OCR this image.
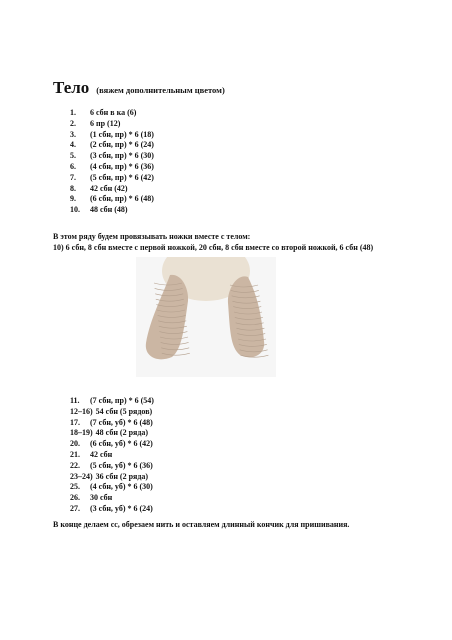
Тело (вяжем дополнительным цветом)
1.	6 сбн в ка (6)
2.	6 пр (12)
3.	(1 сбн, пр) * 6 (18)
4.	(2 сбн, пр) * 6 (24)
5.	(3 сбн, пр) * 6 (30)
6.	(4 сбн, пр) * 6 (36)
7.	(5 сбн, пр) * 6 (42)
8.	42 сбн (42)
9.	(6 сбн, пр) * 6 (48)
10.	48 сбн (48)

В этом ряду будем провязывать ножки вместе с телом:
10) 6 сбн, 8 сбн вместе с первой ножкой, 20 сбн, 8 сбн вместе со второй ножкой, 6 сбн (48)

11.	(7 сбн, пр) * 6 (54)
12–16) 54 сбн (5 рядов)
17.	(7 сбн, уб) * 6 (48)
18–19) 48 сбн (2 ряда)
20.	(6 сбн, уб) * 6 (42)
21.	42 сбн
22.	(5 сбн, уб) * 6 (36)
23–24) 36 сбн (2 ряда)
25.	(4 сбн, уб) * 6 (30)
26.	30 сбн
27.	(3 сбн, уб) * 6 (24)

В конце делаем сс, обрезаем нить и оставляем длинный кончик для пришивания.
